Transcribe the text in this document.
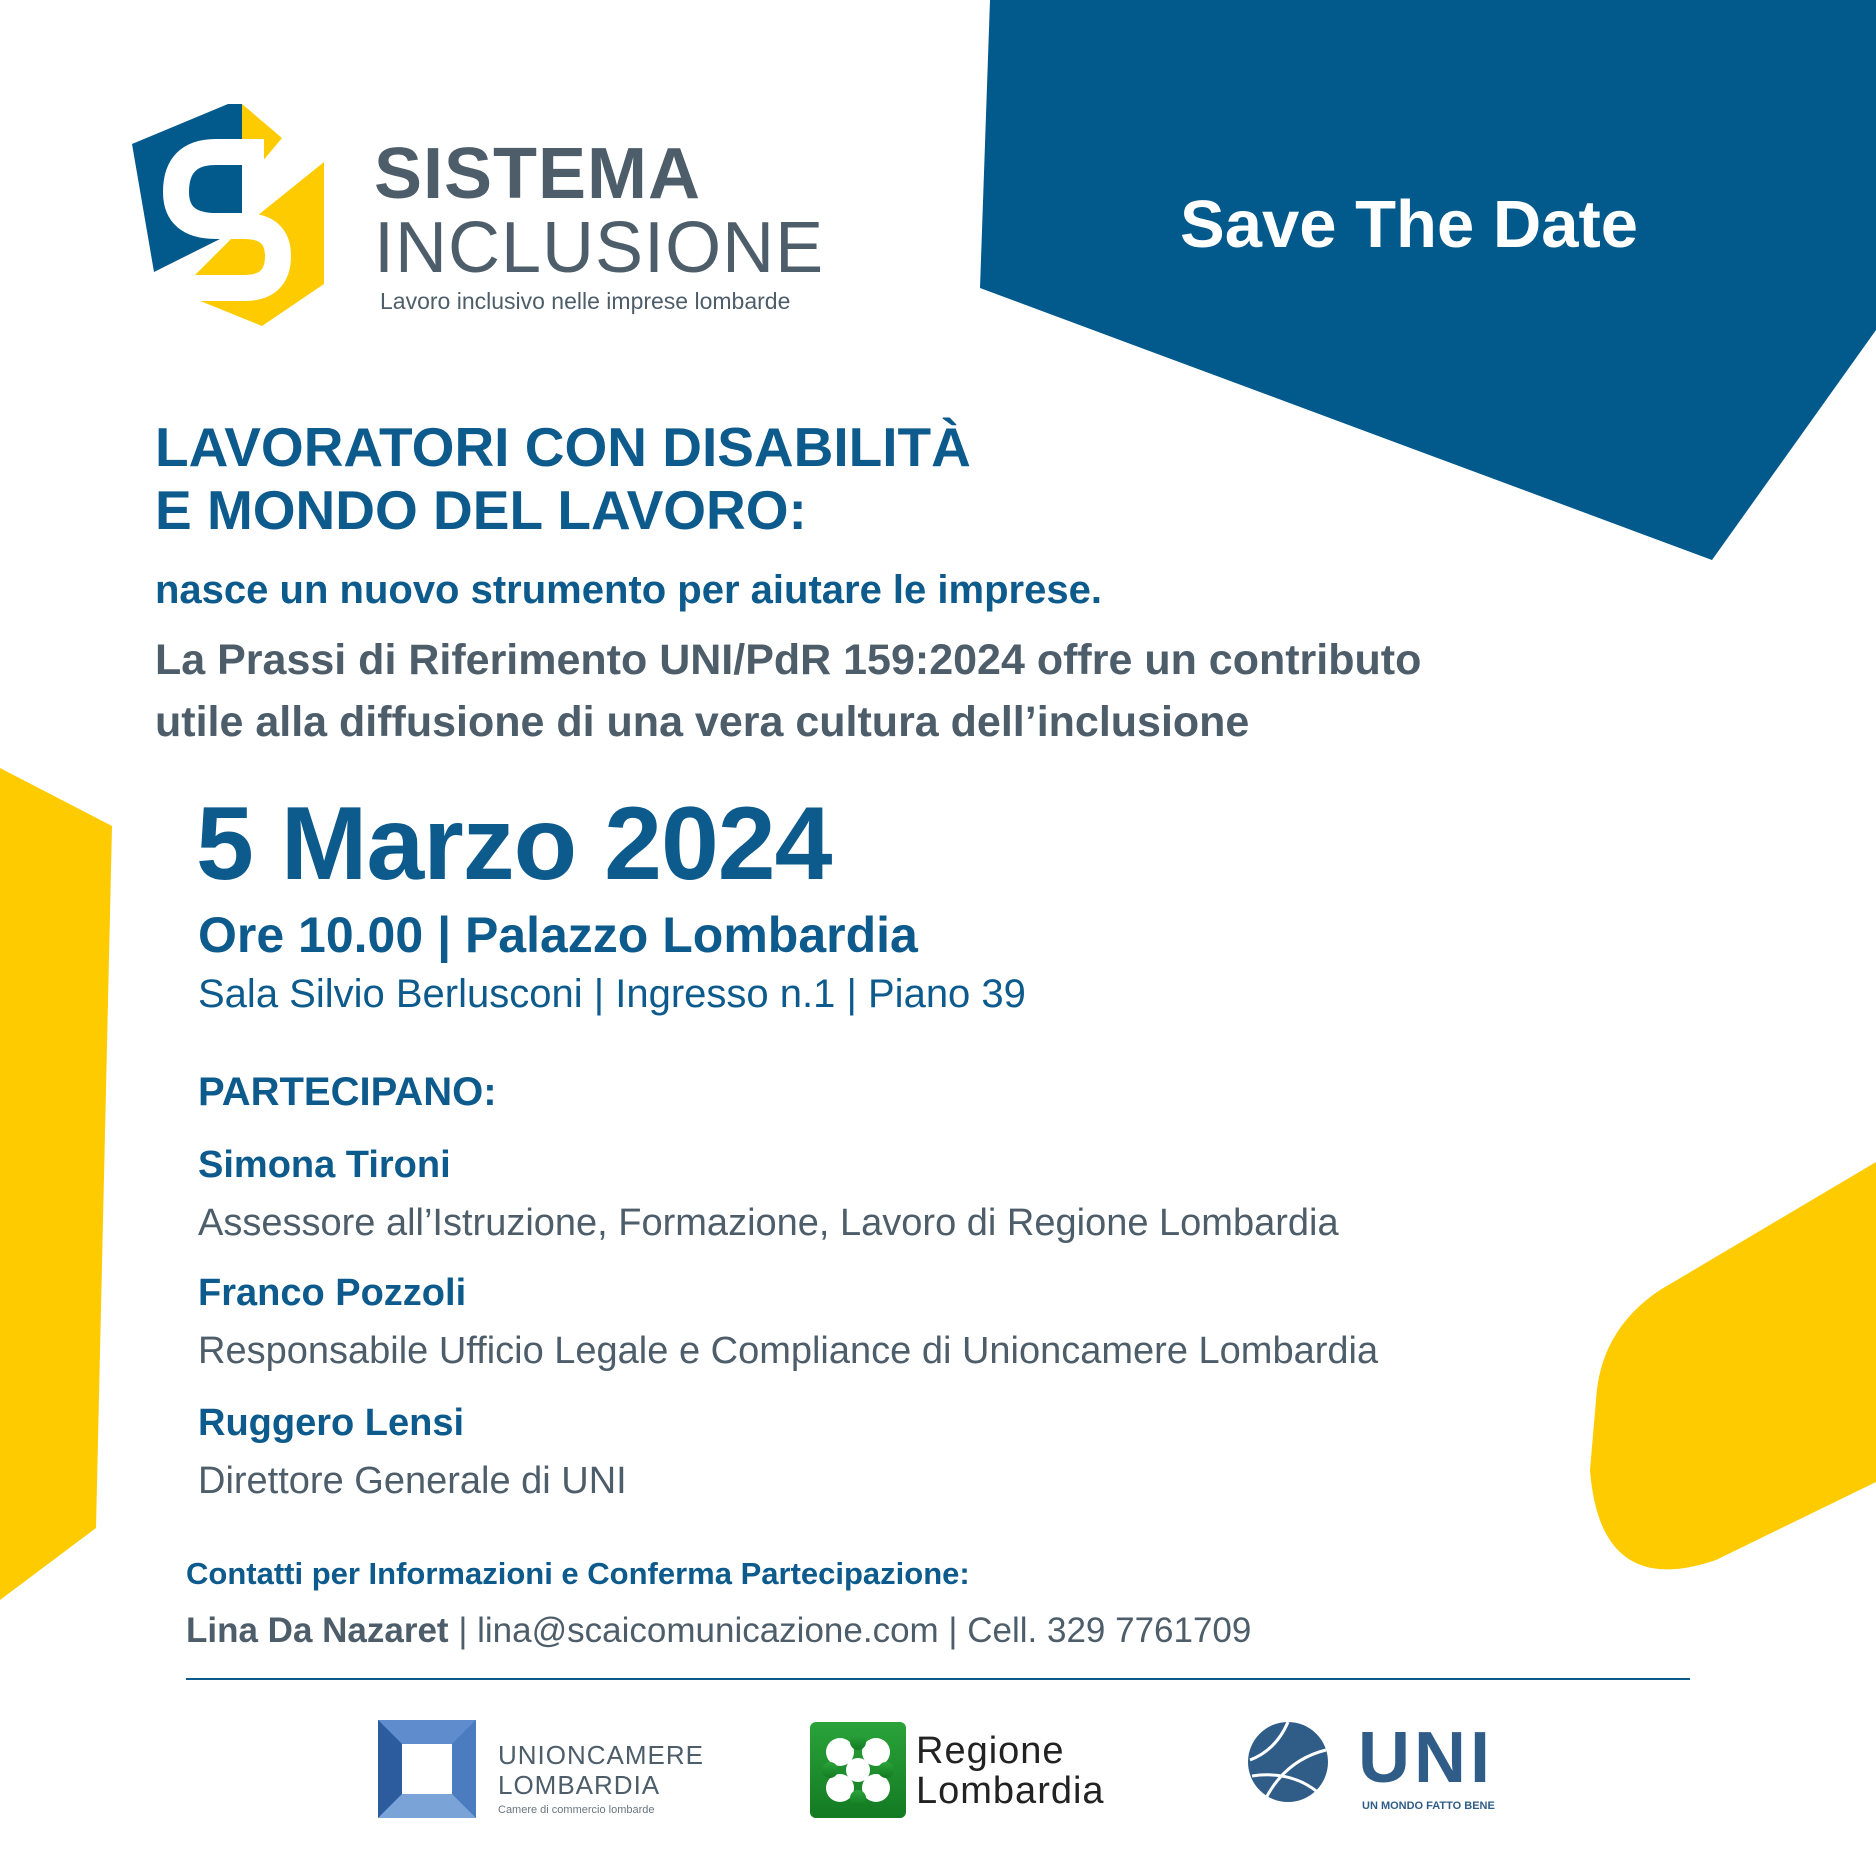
SISTEMA
INCLUSIONE
Lavoro inclusivo nelle imprese lombarde
Save The Date
LAVORATORI CON DISABILITÀ
E MONDO DEL LAVORO:
nasce un nuovo strumento per aiutare le imprese.
La Prassi di Riferimento UNI/PdR 159:2024 offre un contributo
utile alla diffusione di una vera cultura dell’inclusione
5 Marzo 2024
Ore 10.00 | Palazzo Lombardia
Sala Silvio Berlusconi | Ingresso n.1 | Piano 39
PARTECIPANO:
Simona Tironi
Assessore all’Istruzione, Formazione, Lavoro di Regione Lombardia
Franco Pozzoli
Responsabile Ufficio Legale e Compliance di Unioncamere Lombardia
Ruggero Lensi
Direttore Generale di UNI
Contatti per Informazioni e Conferma Partecipazione:
Lina Da Nazaret | lina@scaicomunicazione.com | Cell. 329 7761709
UNIONCAMERE
LOMBARDIA
Camere di commercio lombarde
Regione
Lombardia	UNI
UN MONDO FATTO BENE
